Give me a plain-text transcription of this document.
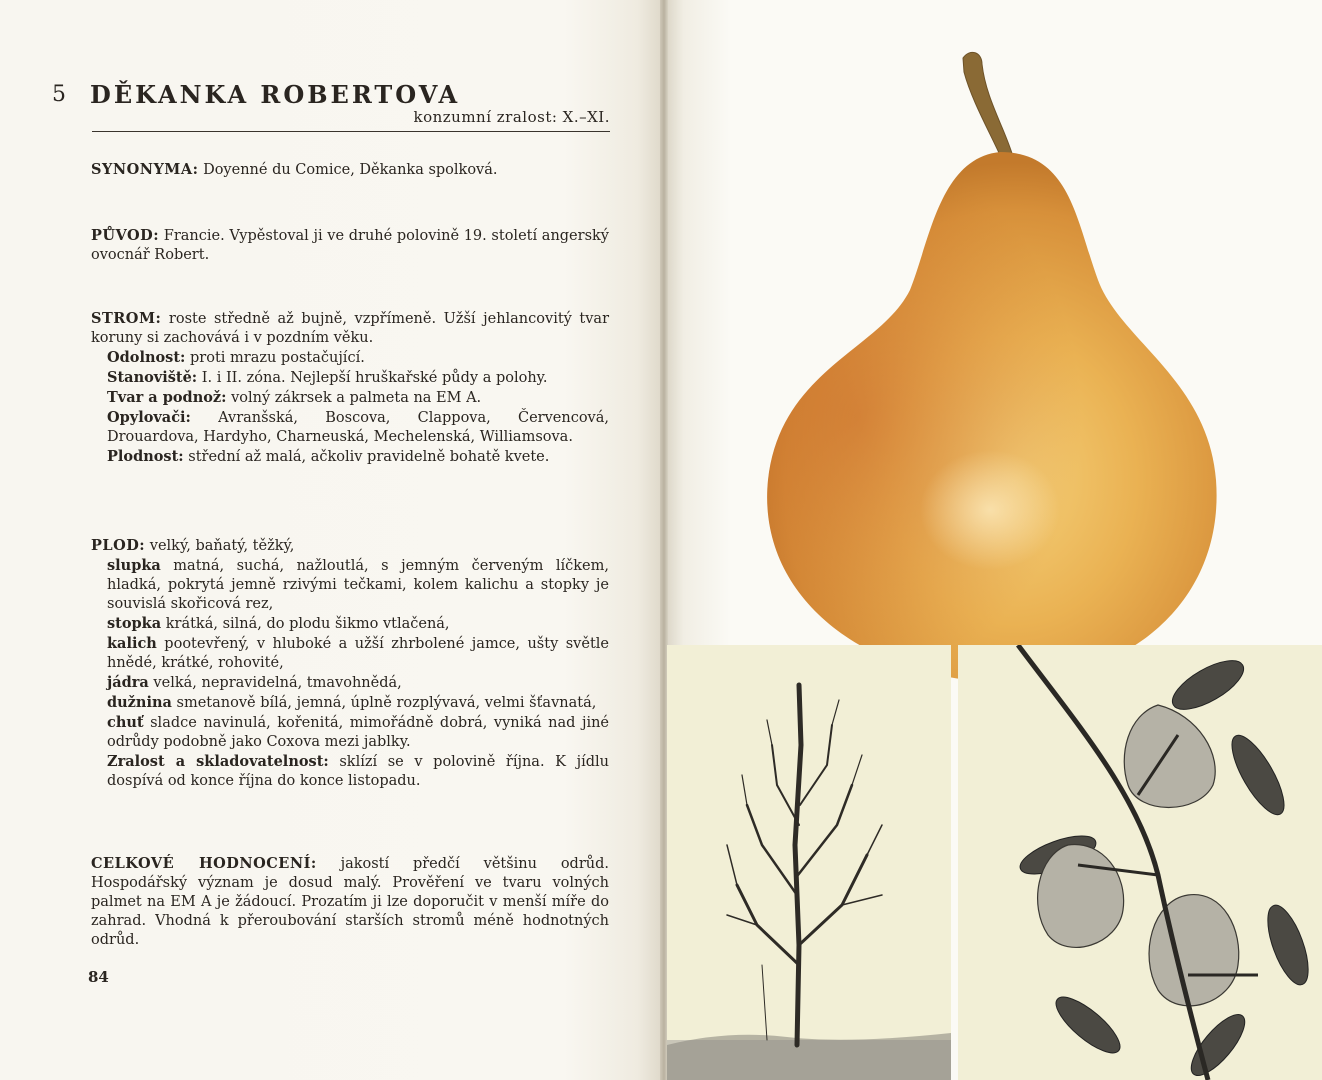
5 DĚKANKA ROBERTOVA
konzumní zralost: X.–XI.
SYNONYMA: Doyenné du Comice, Děkanka spolková.
PŮVOD: Francie. Vypěstoval ji ve druhé polovině 19. století angerský ovocnář Robert.
STROM: roste středně až bujně, vzpřímeně. Užší jehlancovitý tvar koruny si zachovává i v pozdním věku.
Odolnost: proti mrazu postačující.
Stanoviště: I. i II. zóna. Nejlepší hruškařské půdy a polohy.
Tvar a podnož: volný zákrsek a palmeta na EM A.
Opylovači: Avranšská, Boscova, Clappova, Červencová, Drouardova, Hardyho, Charneuská, Mechelenská, Williamsova.
Plodnost: střední až malá, ačkoliv pravidelně bohatě kvete.
PLOD: velký, baňatý, těžký,
slupka matná, suchá, nažloutlá, s jemným červeným líčkem, hladká, pokrytá jemně rzivými tečkami, kolem kalichu a stopky je souvislá skořicová rez,
stopka krátká, silná, do plodu šikmo vtlačená,
kalich pootevřený, v hluboké a užší zhrbolené jamce, ušty světle hnědé, krátké, rohovité,
jádra velká, nepravidelná, tmavohnědá,
dužnina smetanově bílá, jemná, úplně rozplývavá, velmi šťavnatá,
chuť sladce navinulá, kořenitá, mimořádně dobrá, vyniká nad jiné odrůdy podobně jako Coxova mezi jablky.
Zralost a skladovatelnost: sklízí se v polovině října. K jídlu dospívá od konce října do konce listopadu.
CELKOVÉ HODNOCENÍ: jakostí předčí většinu odrůd. Hospodářský význam je dosud malý. Prověření ve tvaru volných palmet na EM A je žádoucí. Prozatím ji lze doporučit v menší míře do zahrad. Vhodná k přeroubování starších stromů méně hodnotných odrůd.
84
